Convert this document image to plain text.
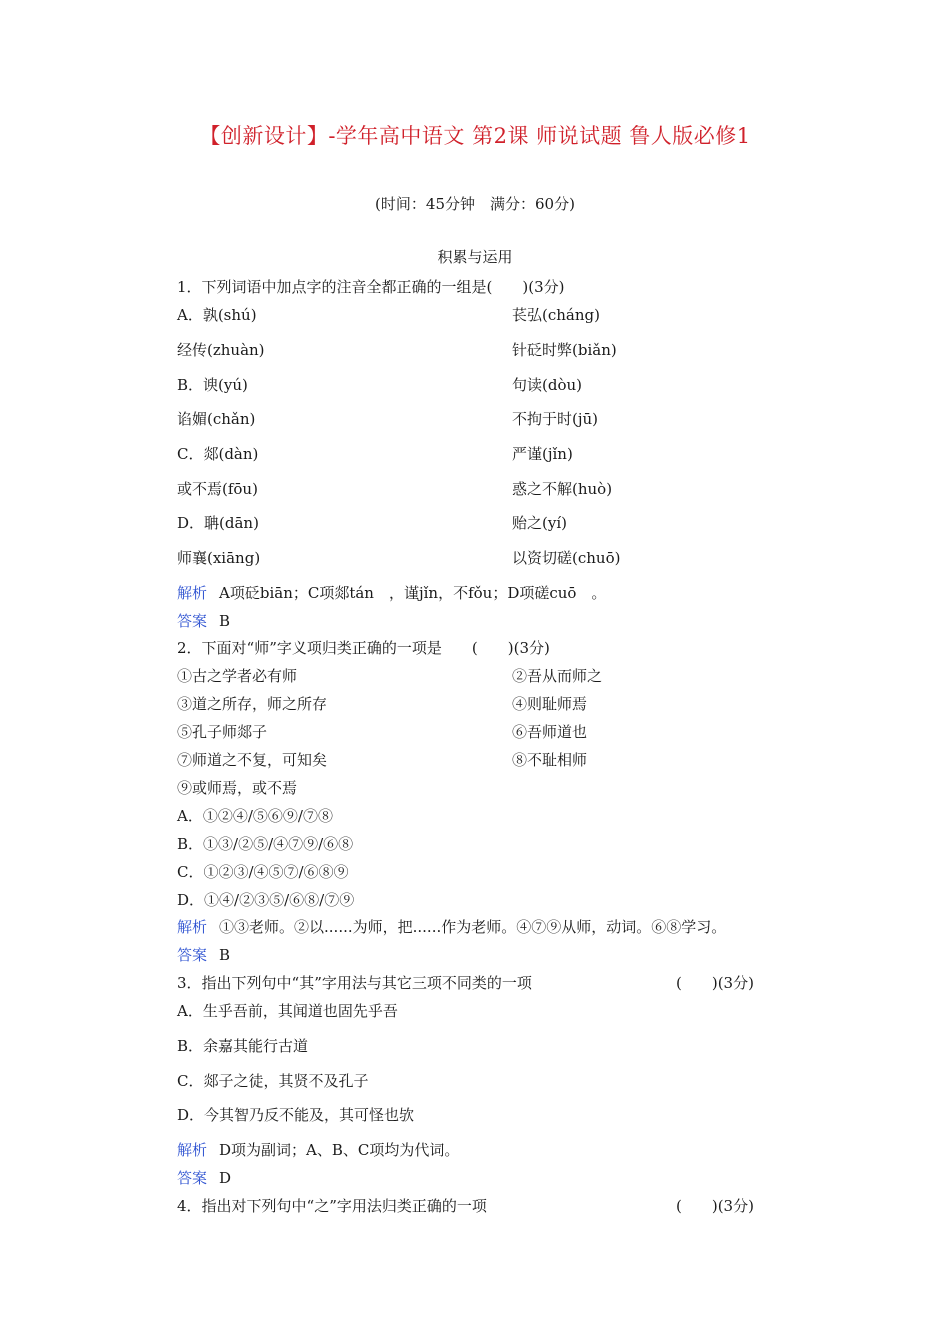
【创新设计】-学年高中语文 第2课 师说试题 鲁人版必修1
(时间：45分钟　满分：60分)
积累与运用
1．下列词语中加点字的注音全都正确的一组是(　　)(3分)
A．孰(shú)	苌弘(cháng)
经传(zhuàn)	针砭时弊(biǎn)
B．谀(yú)	句读(dòu)
谄媚(chǎn)	不拘于时(jū)
C．郯(dàn)	严谨(jǐn)
或不焉(fōu)	惑之不解(huò)
D．聃(dān)	贻之(yí)
师襄(xiāng)	以资切磋(chuō)
解析 A项砭biān；C项郯tán　，谨jǐn，不fǒu；D项磋cuō　。
答案 B
2．下面对“师”字义项归类正确的一项是　　(　　)(3分)
①古之学者必有师	②吾从而师之
③道之所存，师之所存	④则耻师焉
⑤孔子师郯子	⑥吾师道也
⑦师道之不复，可知矣	⑧不耻相师
⑨或师焉，或不焉
A．①②④/⑤⑥⑨/⑦⑧
B．①③/②⑤/④⑦⑨/⑥⑧
C．①②③/④⑤⑦/⑥⑧⑨
D．①④/②③⑤/⑥⑧/⑦⑨
解析 ①③老师。②以......为师，把......作为老师。④⑦⑨从师，动词。⑥⑧学习。
答案 B
3．指出下列句中“其”字用法与其它三项不同类的一项	(　　)(3分)
A．生乎吾前，其闻道也固先乎吾
B．余嘉其能行古道
C．郯子之徒，其贤不及孔子
D．今其智乃反不能及，其可怪也欤
解析 D项为副词；A、B、C项均为代词。
答案 D
4．指出对下列句中“之”字用法归类正确的一项	(　　)(3分)
